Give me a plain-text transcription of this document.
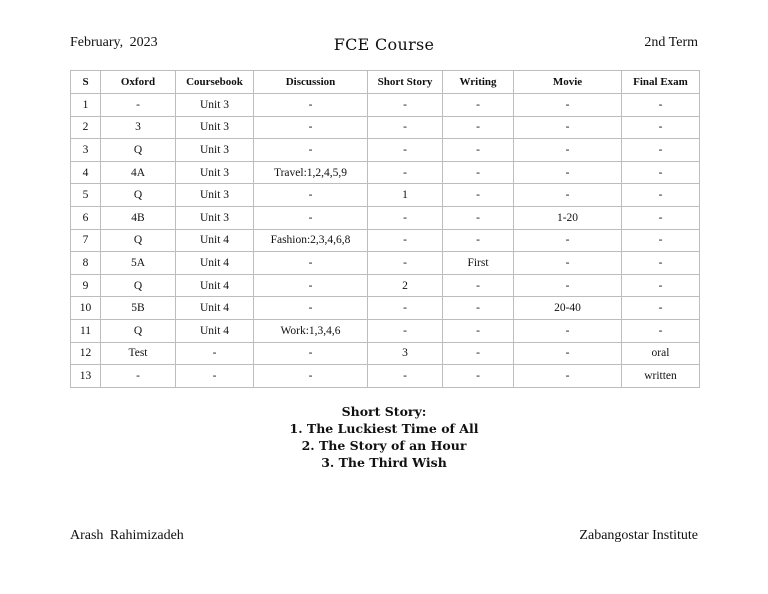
February, 2023	FCE Course	2nd Term
S	Oxford	Coursebook	Discussion	Short Story	Writing	Movie	Final Exam
1	-	Unit 3	-	-	-	-	-
2	3	Unit 3	-	-	-	-	-
3	Q	Unit 3	-	-	-	-	-
4	4A	Unit 3	Travel:1,2,4,5,9	-	-	-	-
5	Q	Unit 3	-	1	-	-	-
6	4B	Unit 3	-	-	-	1-20	-
7	Q	Unit 4	Fashion:2,3,4,6,8	-	-	-	-
8	5A	Unit 4	-	-	First	-	-
9	Q	Unit 4	-	2	-	-	-
10	5B	Unit 4	-	-	-	20-40	-
11	Q	Unit 4	Work:1,3,4,6	-	-	-	-
12	Test	-	-	3	-	-	oral
13	-	-	-	-	-	-	written
Short Story:
1. The Luckiest Time of All
2. The Story of an Hour
3. The Third Wish
Arash Rahimizadeh	Zabangostar Institute
